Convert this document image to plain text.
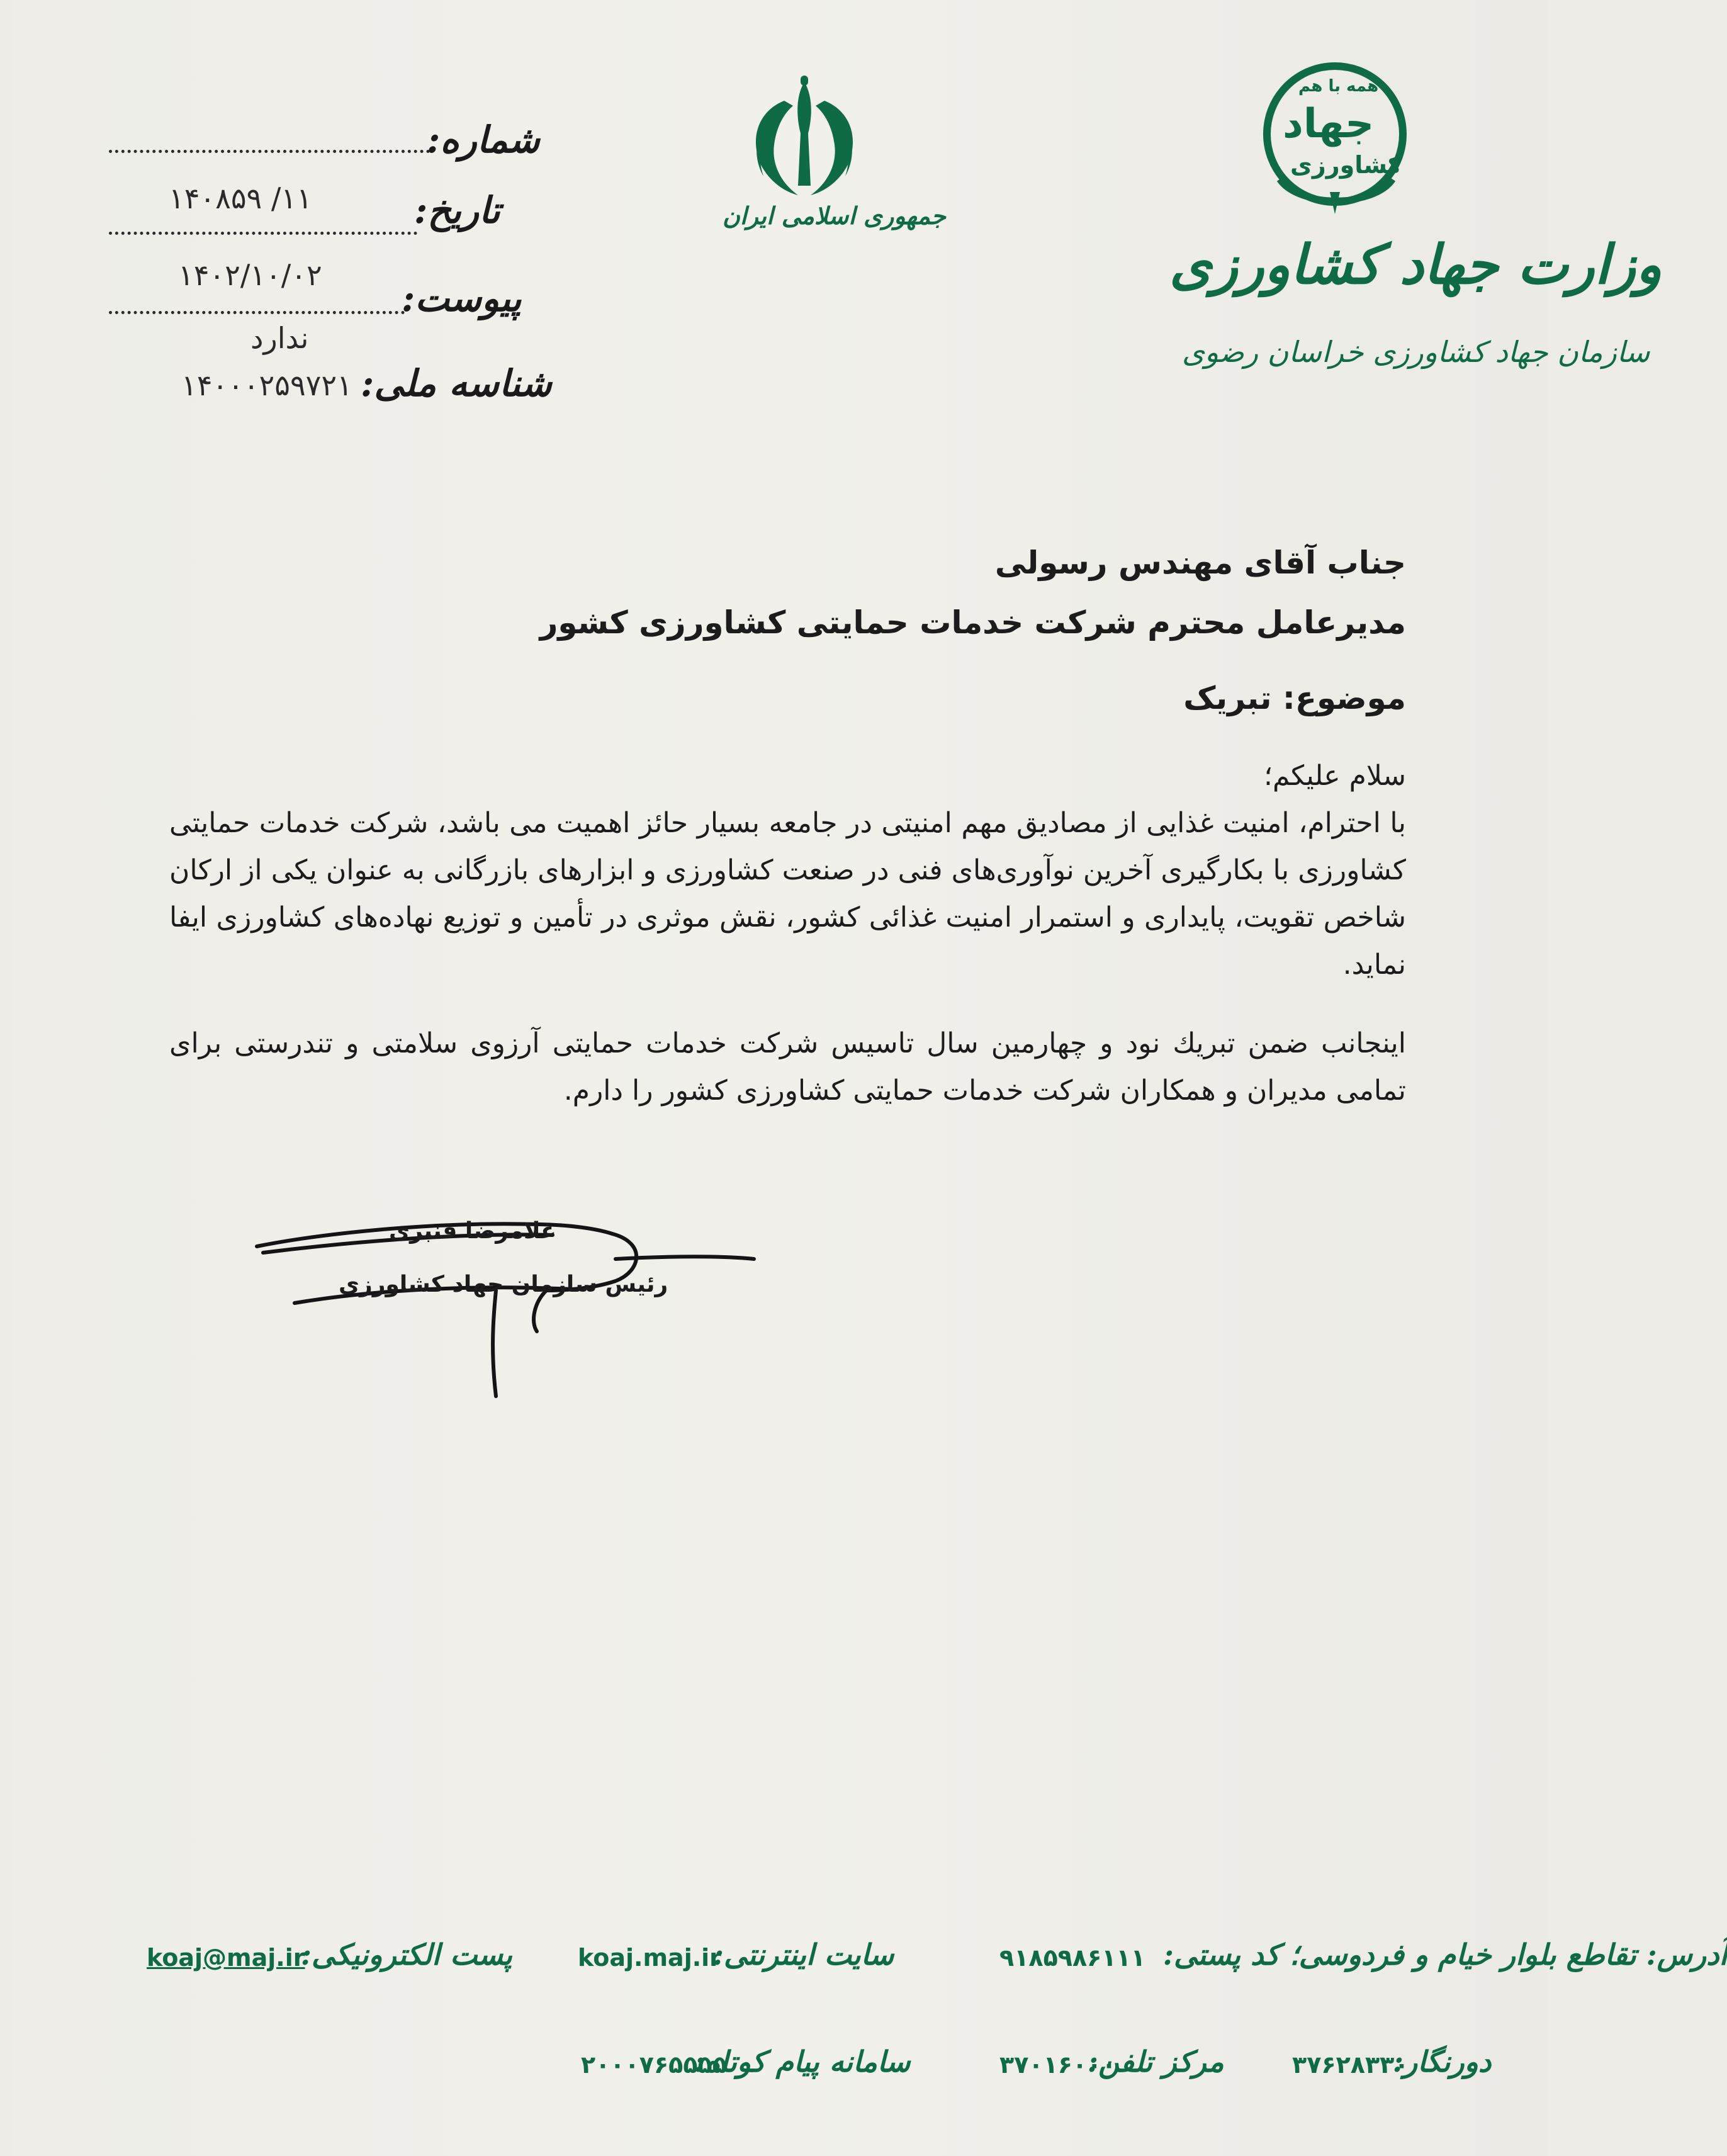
شماره:
۱۱/ ۱۴۰۸۵۹	تاریخ:
۱۴۰۲/۱۰/۰۲
پیوست:
ندارد
شناسه ملی:
۱۴۰۰۰۲۵۹۷۲۱
جمهوری اسلامی ایران
همه با هم
جهاد
کشاورزی
وزارت جهاد کشاورزی
سازمان جهاد کشاورزی خراسان رضوی
جناب آقای مهندس رسولی
مدیرعامل محترم شرکت خدمات حمایتی کشاورزی کشور
موضوع: تبریک
سلام علیکم؛
با احترام، امنیت غذایی از مصادیق مهم امنیتی در جامعه بسیار حائز اهمیت می باشد، شرکت خدمات حمایتی کشاورزی با بکارگیری آخرین نوآوری‌های فنی در صنعت کشاورزی و ابزارهای بازرگانی به عنوان یکی از ارکان شاخص تقویت، پایداری و استمرار امنیت غذائی کشور، نقش موثری در تأمین و توزیع نهاده‌های کشاورزی ایفا نماید.
اینجانب ضمن تبریك نود و چهارمین سال تاسیس شرکت خدمات حمایتی آرزوی سلامتی و تندرستی برای تمامی مدیران و همکاران شرکت خدمات حمایتی کشاورزی کشور را دارم.
غلامرضا قنبری
رئیس سازمان جهاد کشاورزی
آدرس: تقاطع بلوار خیام و فردوسی؛ کد پستی:
۹۱۸۵۹۸۶۱۱۱
سایت اینترنتی:
koaj.maj.ir
پست الکترونیکی:
koaj@maj.ir
دورنگار:
۳۷۶۲۸۳۳۰
مرکز تلفن:
۳۷۰۱۶۰۰۰
سامانه پیام کوتاه:
۲۰۰۰۷۶۵۵۵۵
